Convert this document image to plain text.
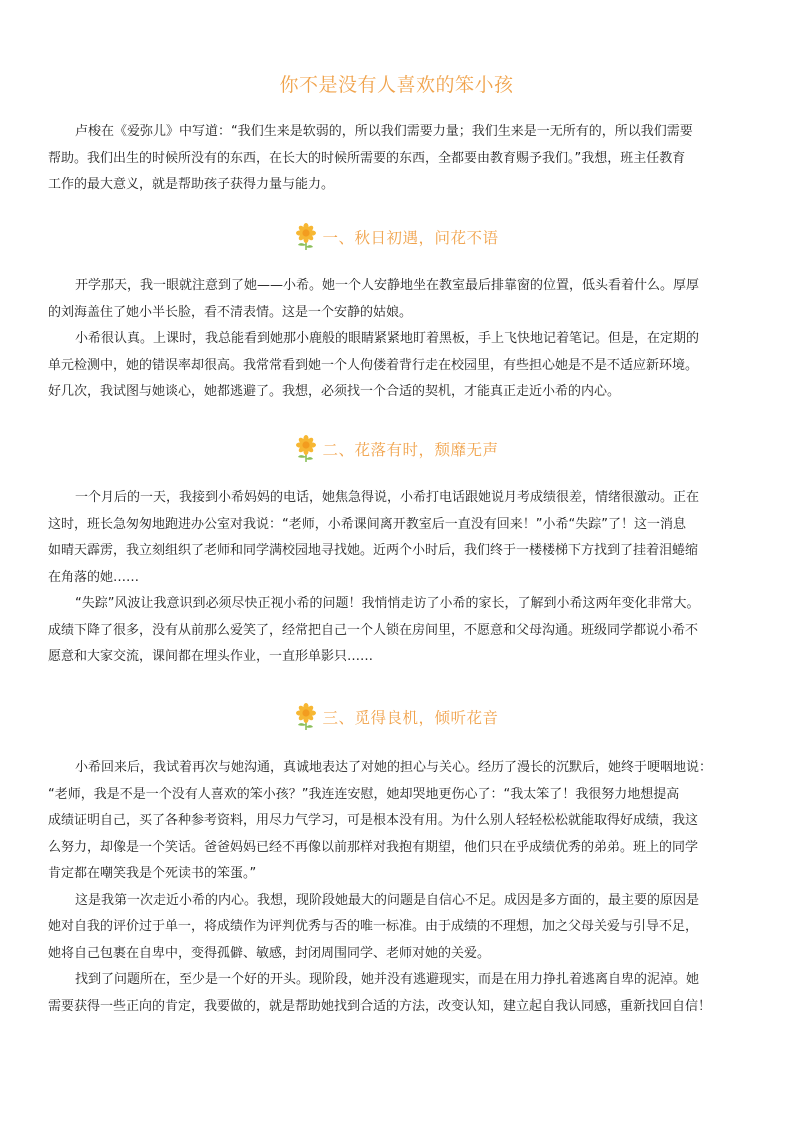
你不是没有人喜欢的笨小孩

卢梭在《爱弥儿》中写道：“我们生来是软弱的，所以我们需要力量；我们生来是一无所有的，所以我们需要

帮助。我们出生的时候所没有的东西，在长大的时候所需要的东西，全都要由教育赐予我们。”我想，班主任教育

工作的最大意义，就是帮助孩子获得力量与能力。

一、秋日初遇，问花不语

开学那天，我一眼就注意到了她——小希。她一个人安静地坐在教室最后排靠窗的位置，低头看着什么。厚厚

的刘海盖住了她小半长脸，看不清表情。这是一个安静的姑娘。

小希很认真。上课时，我总能看到她那小鹿般的眼睛紧紧地盯着黑板，手上飞快地记着笔记。但是，在定期的

单元检测中，她的错误率却很高。我常常看到她一个人佝偻着背行走在校园里，有些担心她是不是不适应新环境。

好几次，我试图与她谈心，她都逃避了。我想，必须找一个合适的契机，才能真正走近小希的内心。

二、花落有时，颓靡无声

一个月后的一天，我接到小希妈妈的电话，她焦急得说，小希打电话跟她说月考成绩很差，情绪很激动。正在

这时，班长急匆匆地跑进办公室对我说：“老师，小希课间离开教室后一直没有回来！”小希“失踪”了！这一消息

如晴天霹雳，我立刻组织了老师和同学满校园地寻找她。近两个小时后，我们终于一楼楼梯下方找到了挂着泪蜷缩

在角落的她……

“失踪”风波让我意识到必须尽快正视小希的问题！我悄悄走访了小希的家长，了解到小希这两年变化非常大。

成绩下降了很多，没有从前那么爱笑了，经常把自己一个人锁在房间里，不愿意和父母沟通。班级同学都说小希不

愿意和大家交流，课间都在埋头作业，一直形单影只……

三、觅得良机，倾听花音

小希回来后，我试着再次与她沟通，真诚地表达了对她的担心与关心。经历了漫长的沉默后，她终于哽咽地说：

“老师，我是不是一个没有人喜欢的笨小孩？”我连连安慰，她却哭地更伤心了：“我太笨了！我很努力地想提高

成绩证明自己，买了各种参考资料，用尽力气学习，可是根本没有用。为什么别人轻轻松松就能取得好成绩，我这

么努力，却像是一个笑话。爸爸妈妈已经不再像以前那样对我抱有期望，他们只在乎成绩优秀的弟弟。班上的同学

肯定都在嘲笑我是个死读书的笨蛋。”

这是我第一次走近小希的内心。我想，现阶段她最大的问题是自信心不足。成因是多方面的，最主要的原因是

她对自我的评价过于单一，将成绩作为评判优秀与否的唯一标准。由于成绩的不理想，加之父母关爱与引导不足，

她将自己包裹在自卑中，变得孤僻、敏感，封闭周围同学、老师对她的关爱。

找到了问题所在，至少是一个好的开头。现阶段，她并没有逃避现实，而是在用力挣扎着逃离自卑的泥淖。她

需要获得一些正向的肯定，我要做的，就是帮助她找到合适的方法，改变认知，建立起自我认同感，重新找回自信！
